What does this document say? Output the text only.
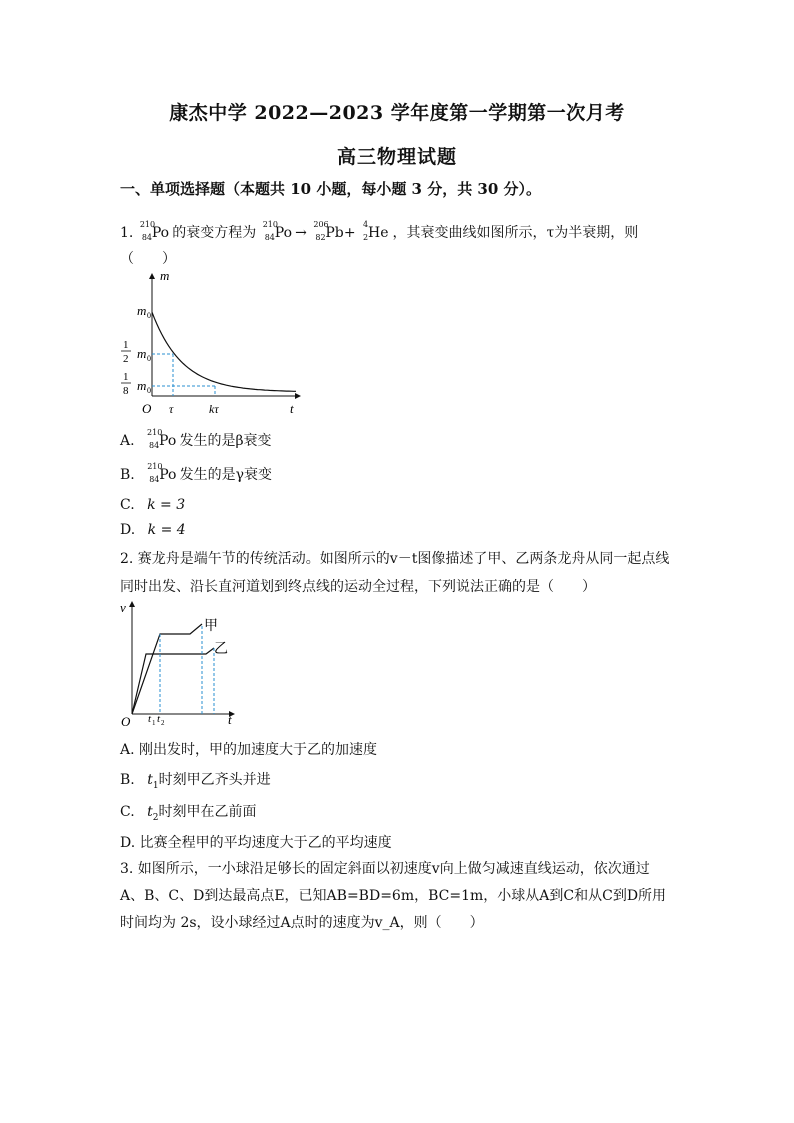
康杰中学 2022—2023 学年度第一学期第一次月考
高三物理试题
一、单项选择题（本题共 10 小题，每小题 3 分，共 30 分）。
1.
210
84 Po 的衰变方程为
210
84 Po →
206
82 Pb +
4
2 He ，其衰变曲线如图所示，τ为半衰期，则
（　　）
m
m 0
1
2 m 0
1
8 m 0
O τ	kτ	t
A.
210
84 Po 发生的是β衰变
B.
210
84 Po 发生的是γ衰变
C. k = 3
D. k = 4
2. 赛龙舟是端午节的传统活动。如图所示的v－t图像描述了甲、乙两条龙舟从同一起点线
同时出发、沿长直河道划到终点线的运动全过程，下列说法正确的是（　　）
v
甲
乙
O t 1 t 2	t
A. 刚出发时，甲的加速度大于乙的加速度
B. $t_1$时刻甲乙齐头并进
C. $t_2$时刻甲在乙前面
D. 比赛全程甲的平均速度大于乙的平均速度
3. 如图所示，一小球沿足够长的固定斜面以初速度v向上做匀减速直线运动，依次通过
A、B、C、D到达最高点E，已知AB=BD=6m，BC=1m，小球从A到C和从C到D所用
时间均为 2s，设小球经过A点时的速度为v_A，则（　　）
